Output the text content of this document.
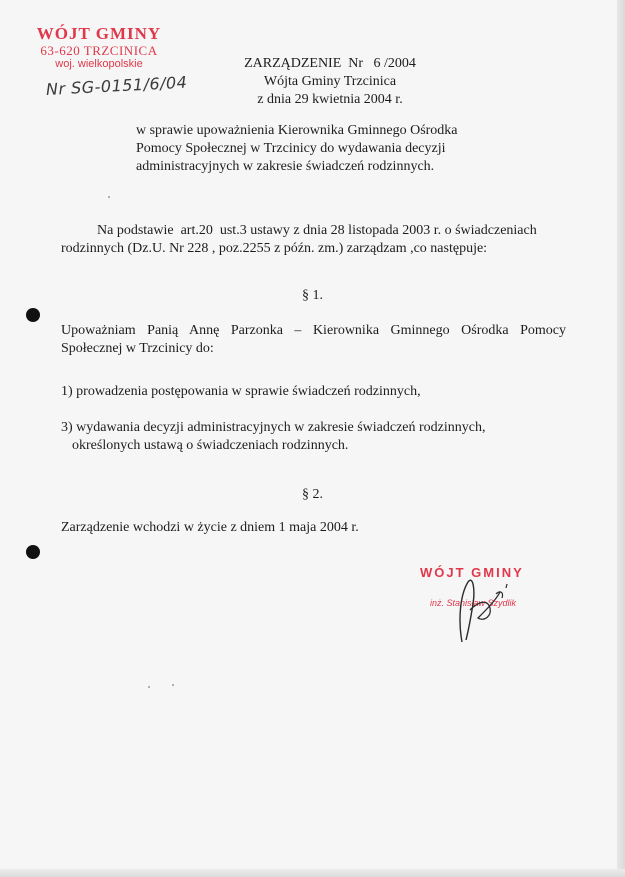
WÓJT GMINY
63-620 TRZCINICA
woj. wielkopolskie
Nr SG-0151/6/04
ZARZĄDZENIE  Nr   6 /2004
Wójta Gminy Trzcinica
z dnia 29 kwietnia 2004 r.
w sprawie upoważnienia Kierownika Gminnego Ośrodka
Pomocy Społecznej w Trzcinicy do wydawania decyzji
administracyjnych w zakresie świadczeń rodzinnych.
Na podstawie  art.20  ust.3 ustawy z dnia 28 listopada 2003 r. o świadczeniach rodzinnych (Dz.U. Nr 228 , poz.2255 z późn. zm.) zarządzam ,co następuje:
§ 1.
Upoważniam Panią Annę Parzonka – Kierownika Gminnego Ośrodka Pomocy Społecznej w Trzcinicy do:
1) prowadzenia postępowania w sprawie świadczeń rodzinnych,
3) wydawania decyzji administracyjnych w zakresie świadczeń rodzinnych,
określonych ustawą o świadczeniach rodzinnych.
§ 2.
Zarządzenie wchodzi w życie z dniem 1 maja 2004 r.
WÓJT GMINY
inż. Stanisław Szydlik
